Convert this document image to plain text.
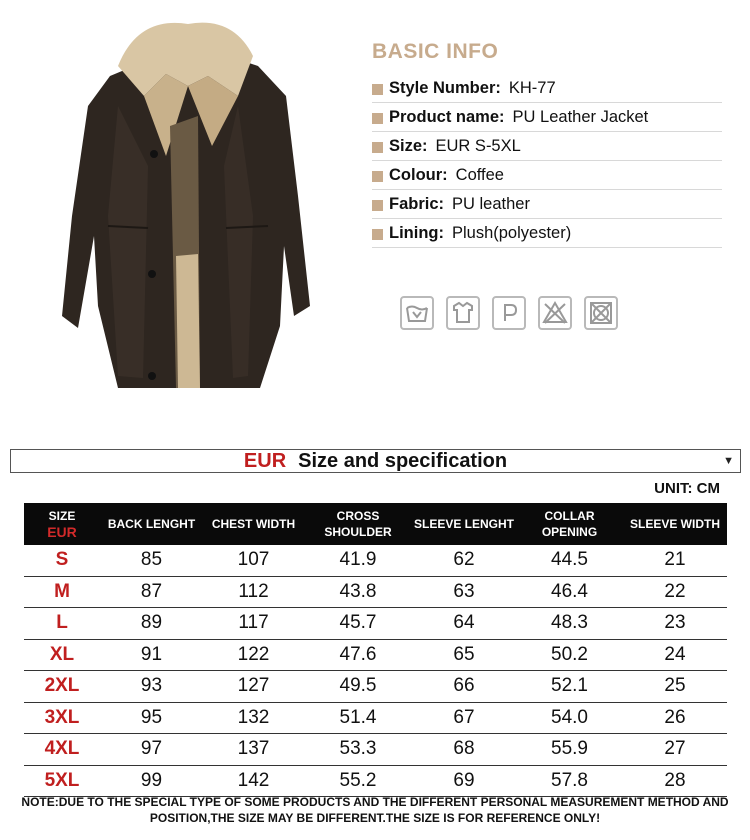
BASIC INFO
Style Number: KH-77
Product name: PU Leather Jacket
Size: EUR S-5XL
Colour: Coffee
Fabric: PU leather
Lining: Plush(polyester)
EUR Size and specification	▼
UNIT: CM
SIZE
EUR	BACK LENGHT	CHEST WIDTH	CROSS SHOULDER	SLEEVE LENGHT	COLLAR OPENING	SLEEVE WIDTH
S	85	107	41.9	62	44.5	21
M	87	112	43.8	63	46.4	22
L	89	117	45.7	64	48.3	23
XL	91	122	47.6	65	50.2	24
2XL	93	127	49.5	66	52.1	25
3XL	95	132	51.4	67	54.0	26
4XL	97	137	53.3	68	55.9	27
5XL	99	142	55.2	69	57.8	28
NOTE:DUE TO THE SPECIAL TYPE OF SOME PRODUCTS AND THE DIFFERENT PERSONAL MEASUREMENT METHOD AND POSITION,THE SIZE MAY BE DIFFERENT.THE SIZE IS FOR REFERENCE ONLY!
